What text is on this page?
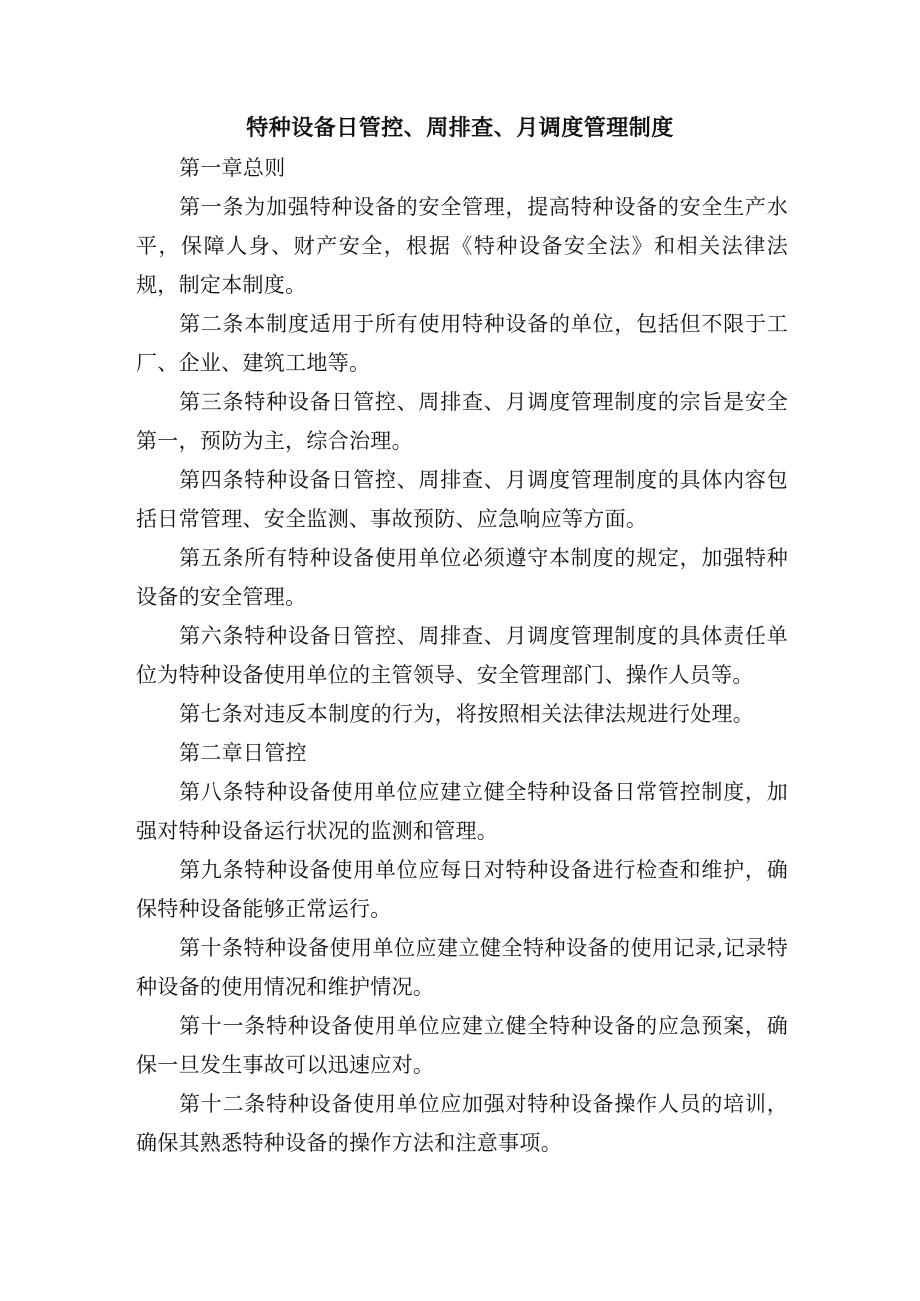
特种设备日管控、周排查、月调度管理制度

第一章总则

第一条为加强特种设备的安全管理，提高特种设备的安全生产水平，保障人身、财产安全，根据《特种设备安全法》和相关法律法规，制定本制度。

第二条本制度适用于所有使用特种设备的单位，包括但不限于工厂、企业、建筑工地等。

第三条特种设备日管控、周排查、月调度管理制度的宗旨是安全第一，预防为主，综合治理。

第四条特种设备日管控、周排查、月调度管理制度的具体内容包括日常管理、安全监测、事故预防、应急响应等方面。

第五条所有特种设备使用单位必须遵守本制度的规定，加强特种设备的安全管理。

第六条特种设备日管控、周排查、月调度管理制度的具体责任单位为特种设备使用单位的主管领导、安全管理部门、操作人员等。

第七条对违反本制度的行为，将按照相关法律法规进行处理。

第二章日管控

第八条特种设备使用单位应建立健全特种设备日常管控制度，加强对特种设备运行状况的监测和管理。

第九条特种设备使用单位应每日对特种设备进行检查和维护，确保特种设备能够正常运行。

第十条特种设备使用单位应建立健全特种设备的使用记录,记录特种设备的使用情况和维护情况。

第十一条特种设备使用单位应建立健全特种设备的应急预案，确保一旦发生事故可以迅速应对。

第十二条特种设备使用单位应加强对特种设备操作人员的培训，确保其熟悉特种设备的操作方法和注意事项。
